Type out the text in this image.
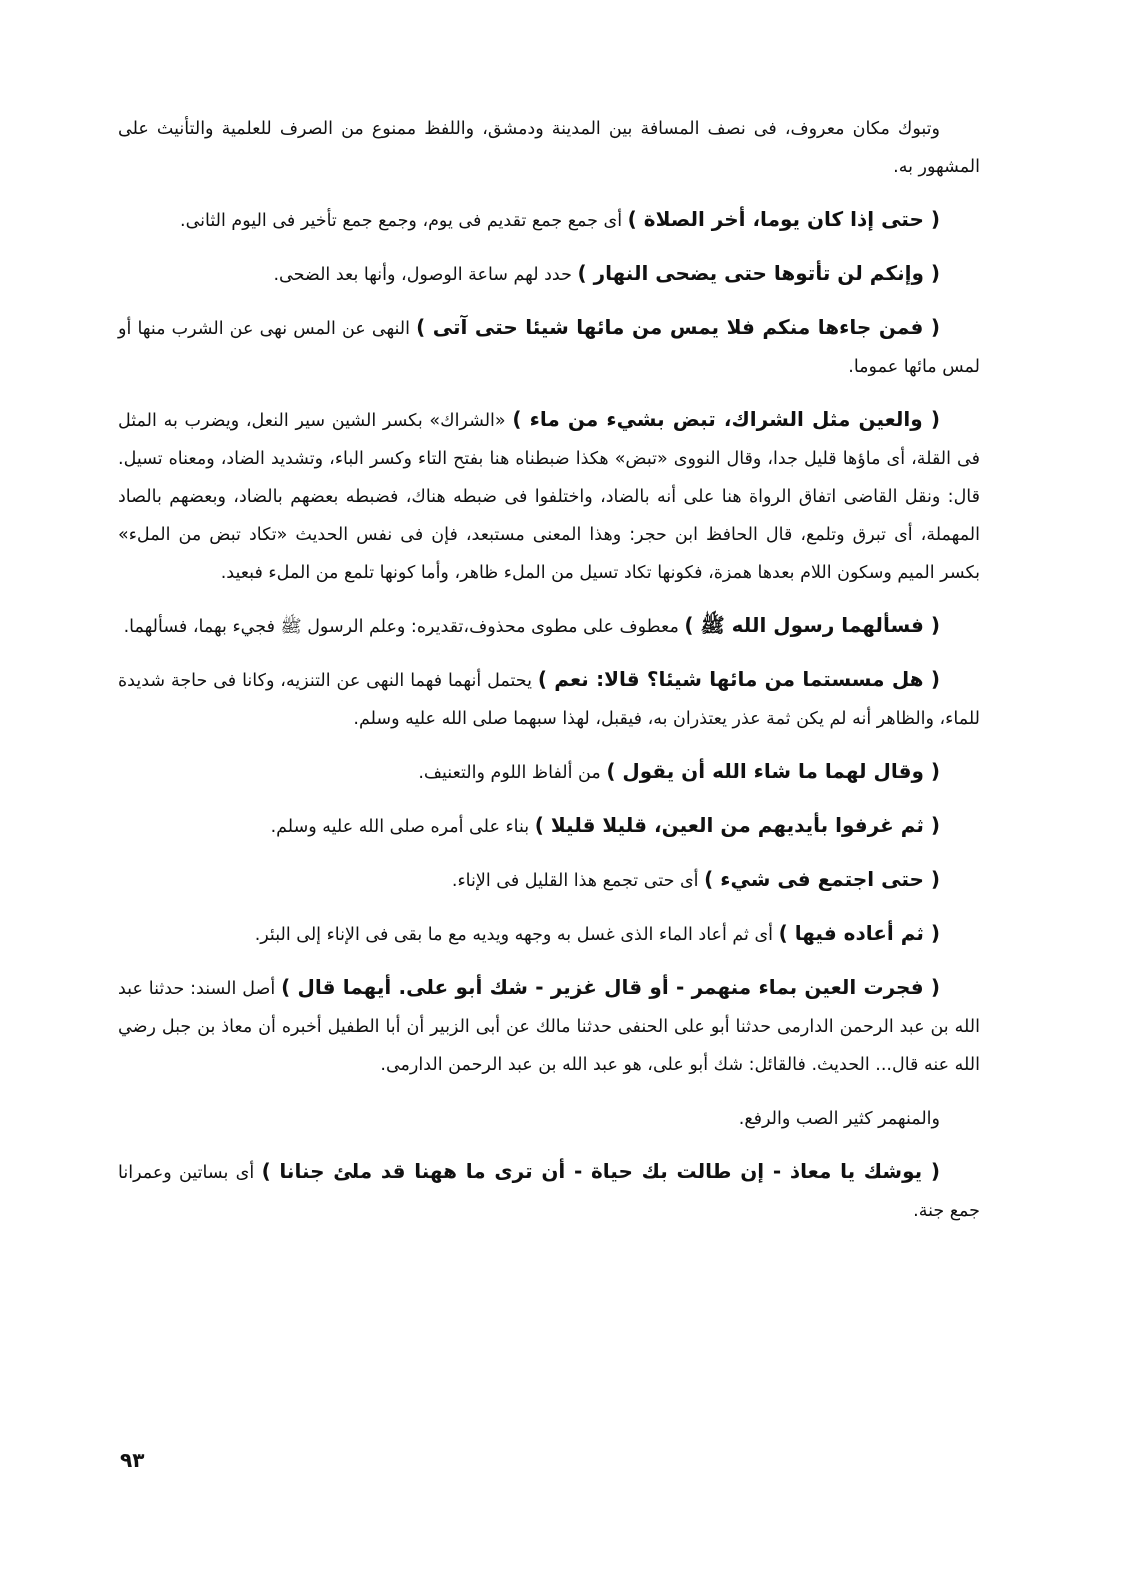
وتبوك مكان معروف، فى نصف المسافة بين المدينة ودمشق، واللفظ ممنوع من الصرف للعلمية والتأنيث على المشهور به.

( حتى إذا كان يوما، أخر الصلاة ) أى جمع جمع تقديم فى يوم، وجمع جمع تأخير فى اليوم الثانى.

( وإنكم لن تأتوها حتى يضحى النهار ) حدد لهم ساعة الوصول، وأنها بعد الضحى.

( فمن جاءها منكم فلا يمس من مائها شيئا حتى آتى ) النهى عن المس نهى عن الشرب منها أو لمس مائها عموما.

( والعين مثل الشراك، تبض بشيء من ماء ) «الشراك» بكسر الشين سير النعل، ويضرب به المثل فى القلة، أى ماؤها قليل جدا، وقال النووى «تبض» هكذا ضبطناه هنا بفتح التاء وكسر الباء، وتشديد الضاد، ومعناه تسيل. قال: ونقل القاضى اتفاق الرواة هنا على أنه بالضاد، واختلفوا فى ضبطه هناك، فضبطه بعضهم بالضاد، وبعضهم بالصاد المهملة، أى تبرق وتلمع، قال الحافظ ابن حجر: وهذا المعنى مستبعد، فإن فى نفس الحديث «تكاد تبض من الملء» بكسر الميم وسكون اللام بعدها همزة، فكونها تكاد تسيل من الملء ظاهر، وأما كونها تلمع من الملء فبعيد.

( فسألهما رسول الله ﷺ ) معطوف على مطوى محذوف،تقديره: وعلم الرسول ﷺ فجيء بهما، فسألهما.

( هل مسستما من مائها شيئا؟ قالا: نعم ) يحتمل أنهما فهما النهى عن التنزيه، وكانا فى حاجة شديدة للماء، والظاهر أنه لم يكن ثمة عذر يعتذران به، فيقبل، لهذا سبهما صلى الله عليه وسلم.

( وقال لهما ما شاء الله أن يقول ) من ألفاظ اللوم والتعنيف.

( ثم غرفوا بأيديهم من العين، قليلا قليلا ) بناء على أمره صلى الله عليه وسلم.

( حتى اجتمع فى شيء ) أى حتى تجمع هذا القليل فى الإناء.

( ثم أعاده فيها ) أى ثم أعاد الماء الذى غسل به وجهه ويديه مع ما بقى فى الإناء إلى البئر.

( فجرت العين بماء منهمر - أو قال غزير - شك أبو على. أيهما قال ) أصل السند: حدثنا عبد الله بن عبد الرحمن الدارمى حدثنا أبو على الحنفى حدثنا مالك عن أبى الزبير أن أبا الطفيل أخبره أن معاذ بن جبل رضي الله عنه قال... الحديث. فالقائل: شك أبو على، هو عبد الله بن عبد الرحمن الدارمى.

والمنهمر كثير الصب والرفع.

( يوشك يا معاذ - إن طالت بك حياة - أن ترى ما ههنا قد ملئ جنانا ) أى بساتين وعمرانا جمع جنة.

٩٣
